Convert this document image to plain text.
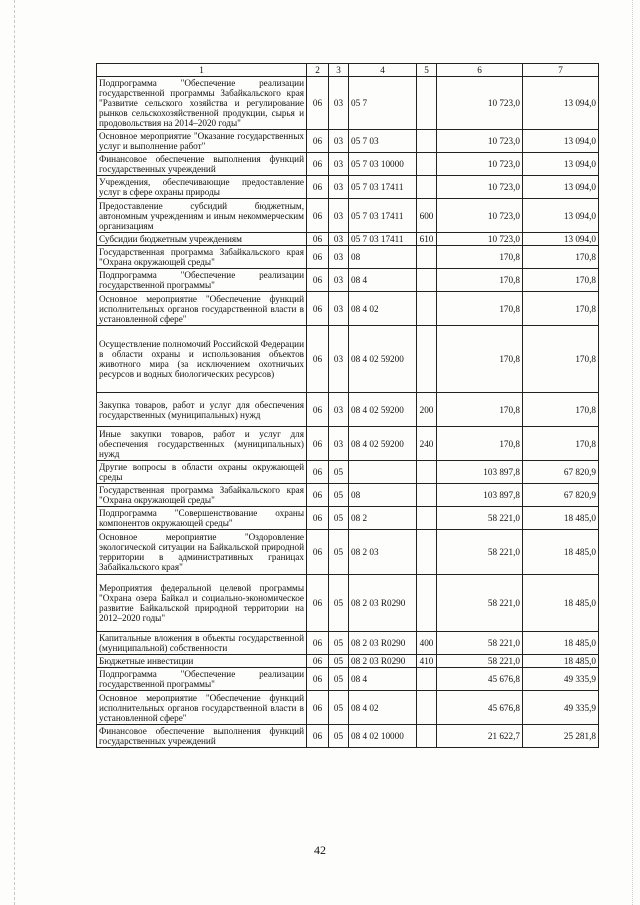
1	2	3	4	5	6	7
Подпрограмма "Обеспечение реализации государственной программы Забайкальского края "Развитие сельского хозяйства и регулирование рынков сельскохозяйственной продукции, сырья и продовольствия на 2014–2020 годы"	06	03	05 7		10 723,0	13 094,0
Основное мероприятие "Оказание государственных услуг и выполнение работ"	06	03	05 7 03		10 723,0	13 094,0
Финансовое обеспечение выполнения функций государственных учреждений	06	03	05 7 03 10000		10 723,0	13 094,0
Учреждения, обеспечивающие предоставление услуг в сфере охраны природы	06	03	05 7 03 17411		10 723,0	13 094,0
Предоставление субсидий бюджетным, автономным учреждениям и иным некоммерческим организациям	06	03	05 7 03 17411	600	10 723,0	13 094,0
Субсидии бюджетным учреждениям	06	03	05 7 03 17411	610	10 723,0	13 094,0
Государственная программа Забайкальского края "Охрана окружающей среды"	06	03	08		170,8	170,8
Подпрограмма "Обеспечение реализации государственной программы"	06	03	08 4		170,8	170,8
Основное мероприятие "Обеспечение функций исполнительных органов государственной власти в установленной сфере"	06	03	08 4 02		170,8	170,8
Осуществление полномочий Российской Федерации в области охраны и использования объектов животного мира (за исключением охотничьих ресурсов и водных биологических ресурсов)	06	03	08 4 02 59200		170,8	170,8
Закупка товаров, работ и услуг для обеспечения государственных (муниципальных) нужд	06	03	08 4 02 59200	200	170,8	170,8
Иные закупки товаров, работ и услуг для обеспечения государственных (муниципальных) нужд	06	03	08 4 02 59200	240	170,8	170,8
Другие вопросы в области охраны окружающей среды	06	05			103 897,8	67 820,9
Государственная программа Забайкальского края "Охрана окружающей среды"	06	05	08		103 897,8	67 820,9
Подпрограмма "Совершенствование охраны компонентов окружающей среды"	06	05	08 2		58 221,0	18 485,0
Основное мероприятие "Оздоровление экологической ситуации на Байкальской природной территории в административных границах Забайкальского края"	06	05	08 2 03		58 221,0	18 485,0
Мероприятия федеральной целевой программы "Охрана озера Байкал и социально-экономическое развитие Байкальской природной территории на 2012–2020 годы"	06	05	08 2 03 R0290		58 221,0	18 485,0
Капитальные вложения в объекты государственной (муниципальной) собственности	06	05	08 2 03 R0290	400	58 221,0	18 485,0
Бюджетные инвестиции	06	05	08 2 03 R0290	410	58 221,0	18 485,0
Подпрограмма "Обеспечение реализации государственной программы"	06	05	08 4		45 676,8	49 335,9
Основное мероприятие "Обеспечение функций исполнительных органов государственной власти в установленной сфере"	06	05	08 4 02		45 676,8	49 335,9
Финансовое обеспечение выполнения функций государственных учреждений	06	05	08 4 02 10000		21 622,7	25 281,8
42
